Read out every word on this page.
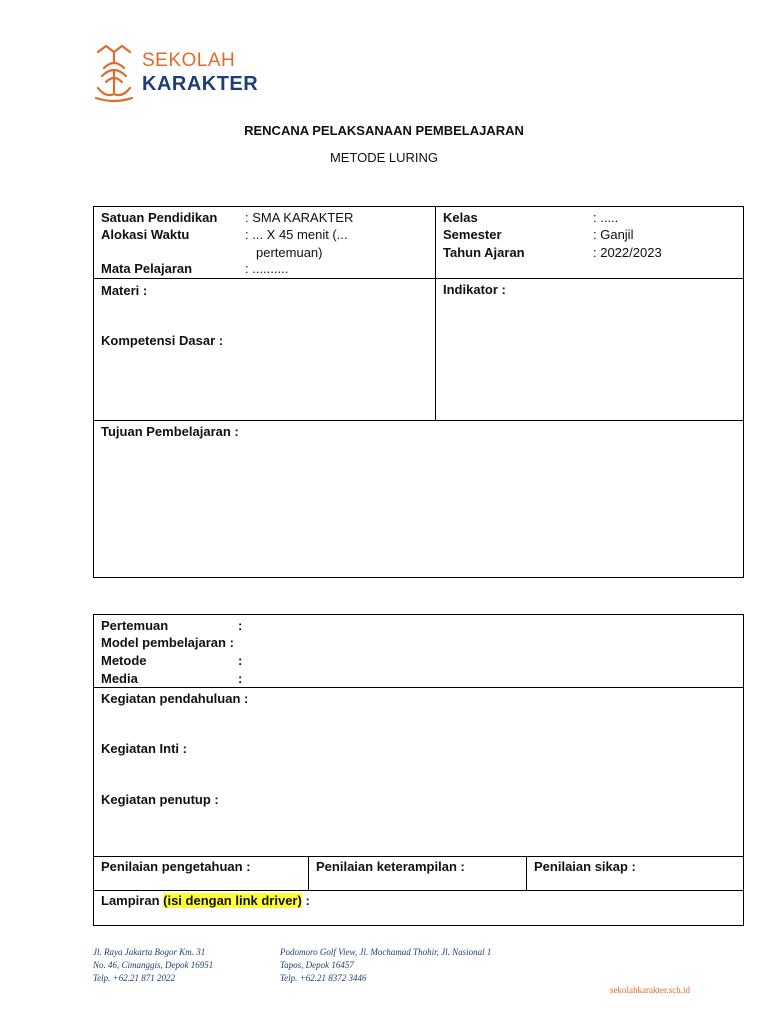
SEKOLAH
KARAKTER
RENCANA PELAKSANAAN PEMBELAJARAN
METODE LURING
Satuan Pendidikan : SMA KARAKTER
Alokasi Waktu	: ... X 45 menit (...
pertemuan)
Mata Pelajaran	: ..........
Kelas	: .....
Semester	: Ganjil
Tahun Ajaran	: 2022/2023
Materi :
Kompetensi Dasar :
Indikator :
Tujuan Pembelajaran :
Pertemuan	:
Model pembelajaran :
Metode	:
Media	:
Kegiatan pendahuluan :
Kegiatan Inti :
Kegiatan penutup :
Penilaian pengetahuan :	Penilaian keterampilan :	Penilaian sikap :
Lampiran (isi dengan link driver) :
Jl. Raya Jakarta Bogor Km. 31
No. 46, Cimanggis, Depok 16951
Telp. +62.21 871 2022
Podomoro Golf View, Jl. Mochamad Thohir, Jl. Nasional 1
Tapos, Depok 16457
Telp. +62.21 8372 3446
sekolahkarakter.sch.id
